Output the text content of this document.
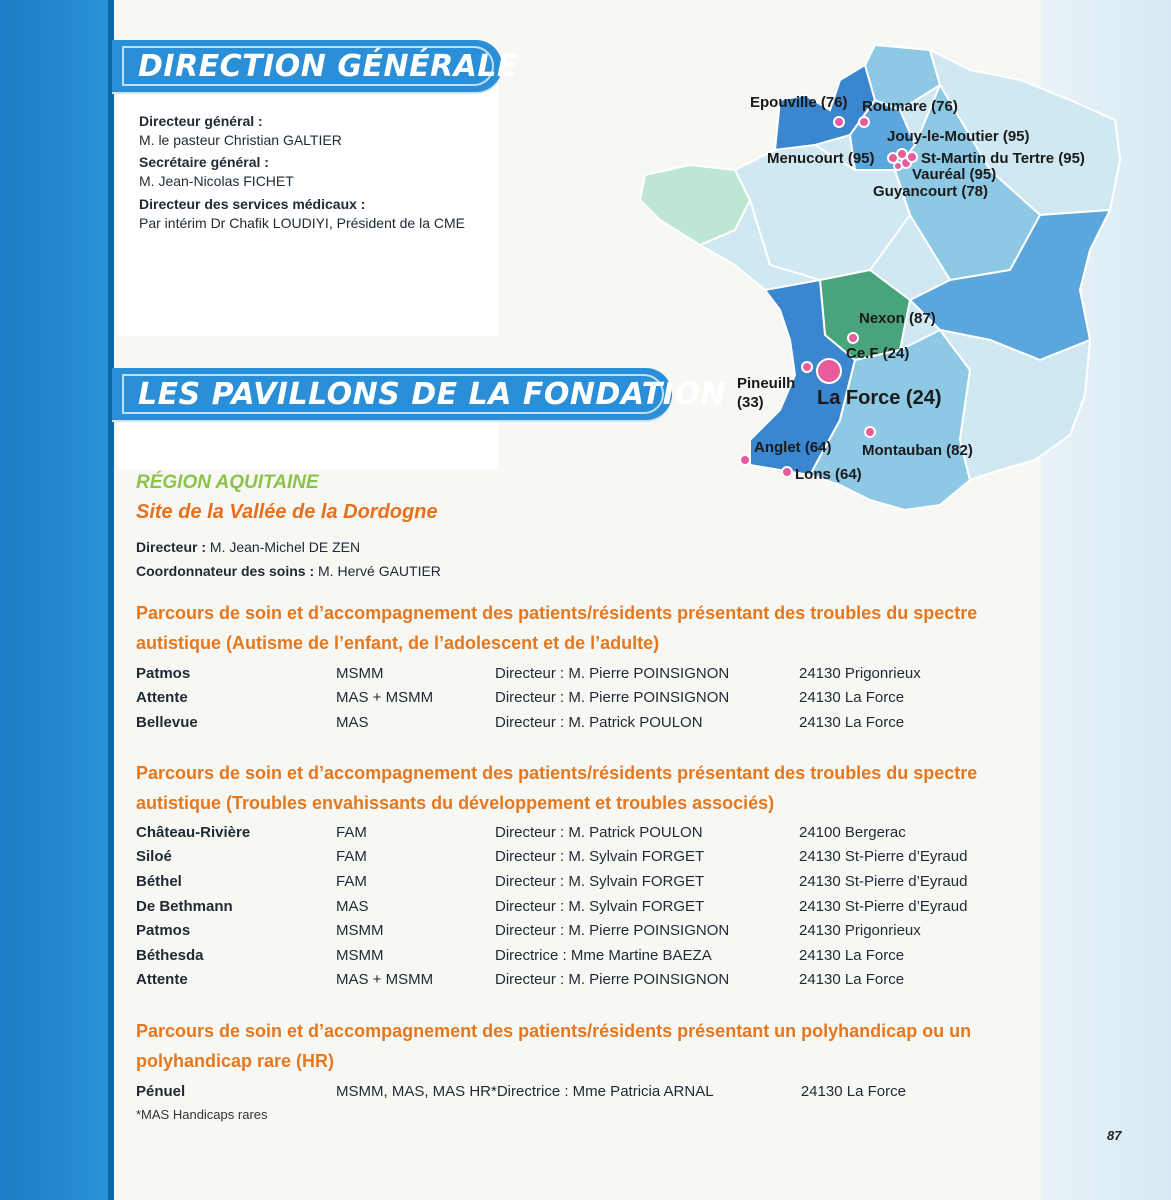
DIRECTION GÉNÉRALE
Directeur général :
M. le pasteur Christian GALTIER
Secrétaire général :
M. Jean-Nicolas FICHET
Directeur des services médicaux :
Par intérim Dr Chafik LOUDIYI, Président de la CME
LES PAVILLONS DE LA FONDATION
RÉGION AQUITAINE
Site de la Vallée de la Dordogne
Directeur : M. Jean-Michel DE ZEN
Coordonnateur des soins : M. Hervé GAUTIER
Parcours de soin et d’accompagnement des patients/résidents présentant des troubles du spectre
autistique (Autisme de l’enfant, de l’adolescent et de l’adulte)
Patmos	MSMM	Directeur : M. Pierre POINSIGNON	24130 Prigonrieux
Attente	MAS + MSMM	Directeur : M. Pierre POINSIGNON	24130 La Force
Bellevue	MAS	Directeur : M. Patrick POULON	24130 La Force
Parcours de soin et d’accompagnement des patients/résidents présentant des troubles du spectre
autistique (Troubles envahissants du développement et troubles associés)
Château-Rivière	FAM	Directeur : M. Patrick POULON	24100 Bergerac
Siloé	FAM	Directeur : M. Sylvain FORGET	24130 St-Pierre d’Eyraud
Béthel	FAM	Directeur : M. Sylvain FORGET	24130 St-Pierre d’Eyraud
De Bethmann	MAS	Directeur : M. Sylvain FORGET	24130 St-Pierre d’Eyraud
Patmos	MSMM	Directeur : M. Pierre POINSIGNON	24130 Prigonrieux
Béthesda	MSMM	Directrice : Mme Martine BAEZA	24130 La Force
Attente	MAS + MSMM	Directeur : M. Pierre POINSIGNON	24130 La Force
Parcours de soin et d’accompagnement des patients/résidents présentant un polyhandicap ou un
polyhandicap rare (HR)
Pénuel	MSMM, MAS, MAS HR*	Directrice : Mme Patricia ARNAL	24130 La Force
*MAS Handicaps rares
87
Epouville (76) Roumare (76)
Jouy-le-Moutier (95)
Menucourt (95)	St-Martin du Tertre (95)
Vauréal (95)
Guyancourt (78)
Nexon (87)
Ce.F (24)
Pineuilh
(33)	La Force (24)
Montauban (82)
Anglet (64)
Lons (64)
